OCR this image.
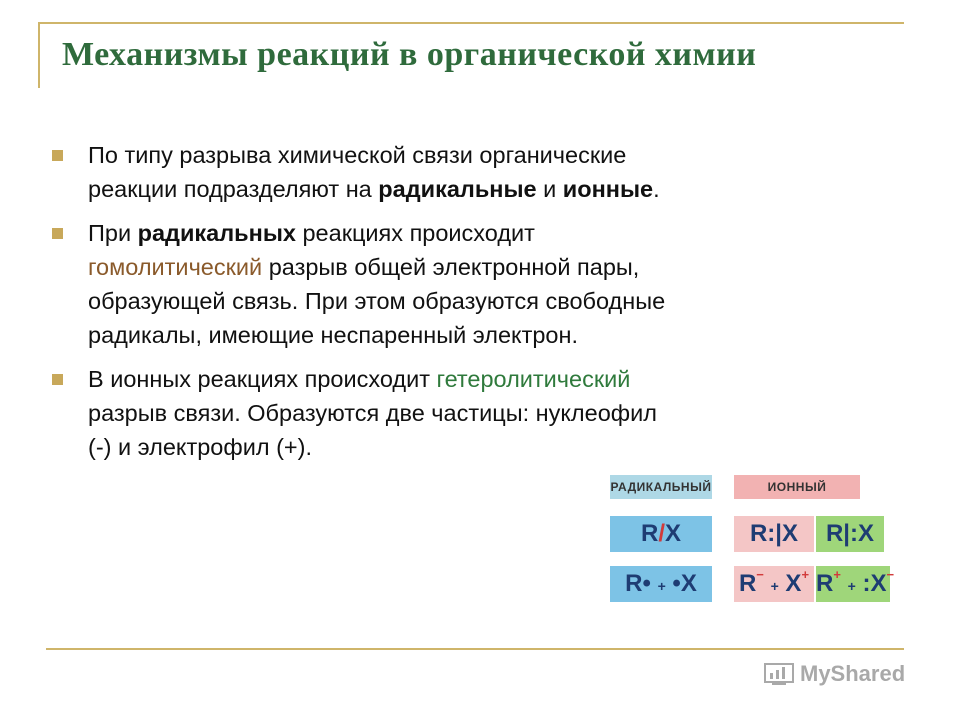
Механизмы реакций в органической химии
По типу разрыва химической связи органические
реакции подразделяют на радикальные и ионные.
При радикальных реакциях происходит
гомолитический разрыв общей электронной пары,
образующей связь. При этом образуются свободные
радикалы, имеющие неспаренный электрон.
В ионных реакциях происходит гетеролитический
разрыв связи. Образуются две частицы: нуклеофил
(-) и электрофил (+).
РАДИКАЛЬНЫЙ	ИОННЫЙ
R/X
R• + •X
R:|X	R|:X
R− + X+ R+ + :X−
MyShared
